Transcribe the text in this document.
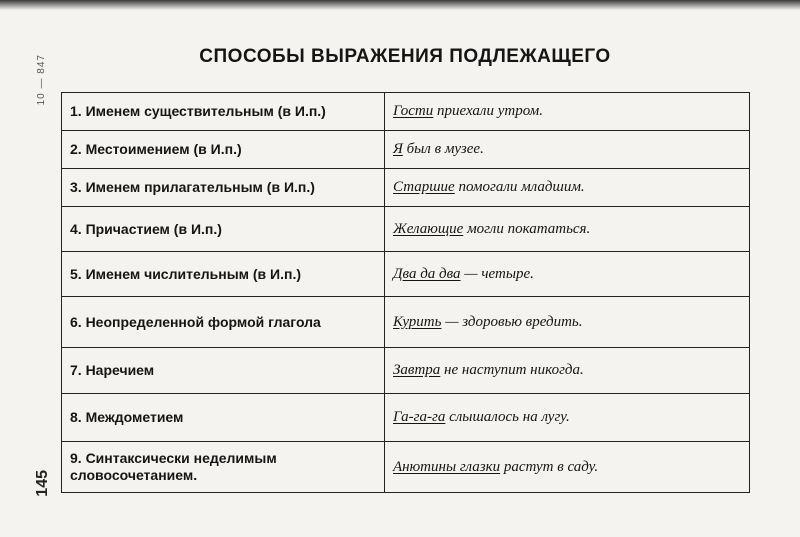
10 — 847
145
СПОСОБЫ ВЫРАЖЕНИЯ ПОДЛЕЖАЩЕГО
1. Именем существительным (в И.п.)	Гости приехали утром.
2. Местоимением (в И.п.)	Я был в музее.
3. Именем прилагательным (в И.п.)	Старшие помогали младшим.
4. Причастием (в И.п.)	Желающие могли покататься.
5. Именем числительным (в И.п.)	Два да два — четыре.
6. Неопределенной формой глагола	Курить — здоровью вредить.
7. Наречием	Завтра не наступит никогда.
8. Междометием	Га-га-га слышалось на лугу.
9. Синтаксически неделимым словосочетанием.	Анютины глазки растут в саду.
